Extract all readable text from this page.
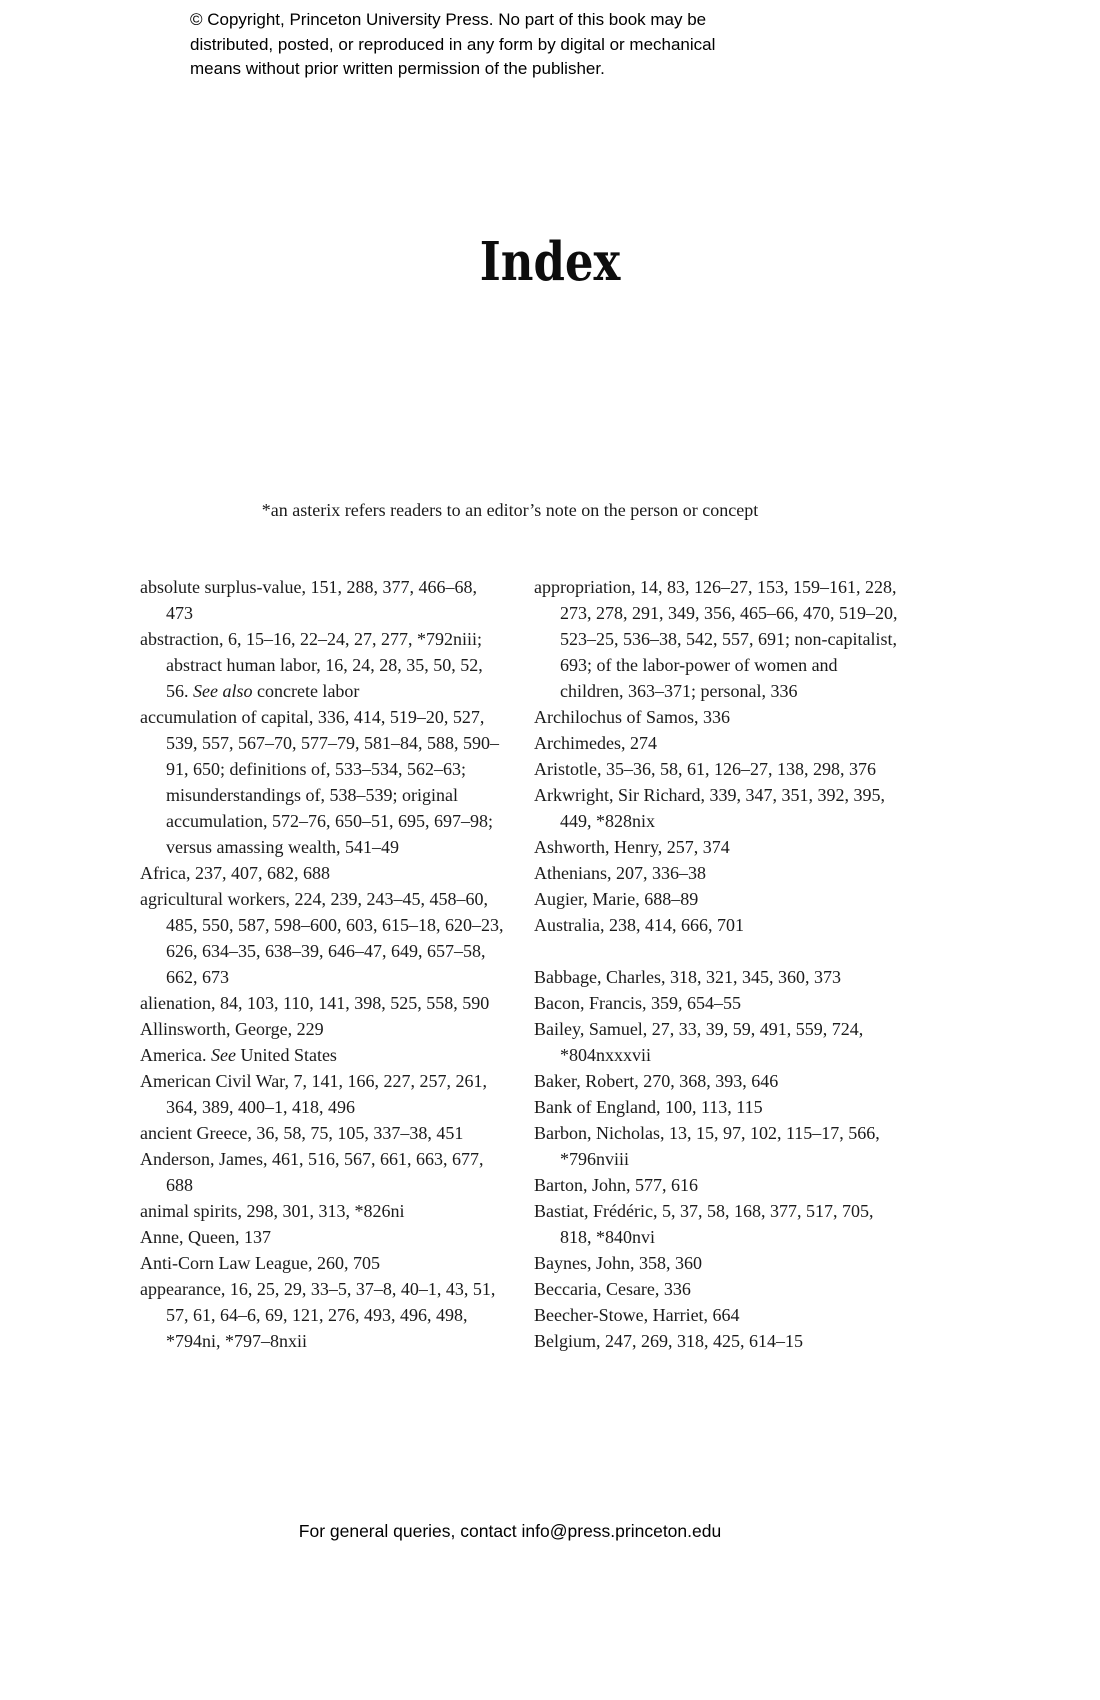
© Copyright, Princeton University Press. No part of this book may be
distributed, posted, or reproduced in any form by digital or mechanical
means without prior written permission of the publisher.
Index
*an asterix refers readers to an editor’s note on the person or concept
absolute surplus-value, 151, 288, 377, 466–68, 473
abstraction, 6, 15–16, 22–24, 27, 277, *792niii; abstract human labor, 16, 24, 28, 35, 50, 52, 56. See also concrete labor
accumulation of capital, 336, 414, 519–20, 527, 539, 557, 567–70, 577–79, 581–84, 588, 590–91, 650; definitions of, 533–534, 562–63; misunderstandings of, 538–539; original accumulation, 572–76, 650–51, 695, 697–98; versus amassing wealth, 541–49
Africa, 237, 407, 682, 688
agricultural workers, 224, 239, 243–45, 458–60, 485, 550, 587, 598–600, 603, 615–18, 620–23, 626, 634–35, 638–39, 646–47, 649, 657–58, 662, 673
alienation, 84, 103, 110, 141, 398, 525, 558, 590
Allinsworth, George, 229
America. See United States
American Civil War, 7, 141, 166, 227, 257, 261, 364, 389, 400–1, 418, 496
ancient Greece, 36, 58, 75, 105, 337–38, 451
Anderson, James, 461, 516, 567, 661, 663, 677, 688
animal spirits, 298, 301, 313, *826ni
Anne, Queen, 137
Anti-Corn Law League, 260, 705
appearance, 16, 25, 29, 33–5, 37–8, 40–1, 43, 51, 57, 61, 64–6, 69, 121, 276, 493, 496, 498, *794ni, *797–8nxii
appropriation, 14, 83, 126–27, 153, 159–161, 228, 273, 278, 291, 349, 356, 465–66, 470, 519–20, 523–25, 536–38, 542, 557, 691; non-capitalist, 693; of the labor-power of women and children, 363–371; personal, 336
Archilochus of Samos, 336
Archimedes, 274
Aristotle, 35–36, 58, 61, 126–27, 138, 298, 376
Arkwright, Sir Richard, 339, 347, 351, 392, 395, 449, *828nix
Ashworth, Henry, 257, 374
Athenians, 207, 336–38
Augier, Marie, 688–89
Australia, 238, 414, 666, 701
Babbage, Charles, 318, 321, 345, 360, 373
Bacon, Francis, 359, 654–55
Bailey, Samuel, 27, 33, 39, 59, 491, 559, 724, *804nxxxvii
Baker, Robert, 270, 368, 393, 646
Bank of England, 100, 113, 115
Barbon, Nicholas, 13, 15, 97, 102, 115–17, 566, *796nviii
Barton, John, 577, 616
Bastiat, Frédéric, 5, 37, 58, 168, 377, 517, 705, 818, *840nvi
Baynes, John, 358, 360
Beccaria, Cesare, 336
Beecher-Stowe, Harriet, 664
Belgium, 247, 269, 318, 425, 614–15
For general queries, contact info@press.princeton.edu
